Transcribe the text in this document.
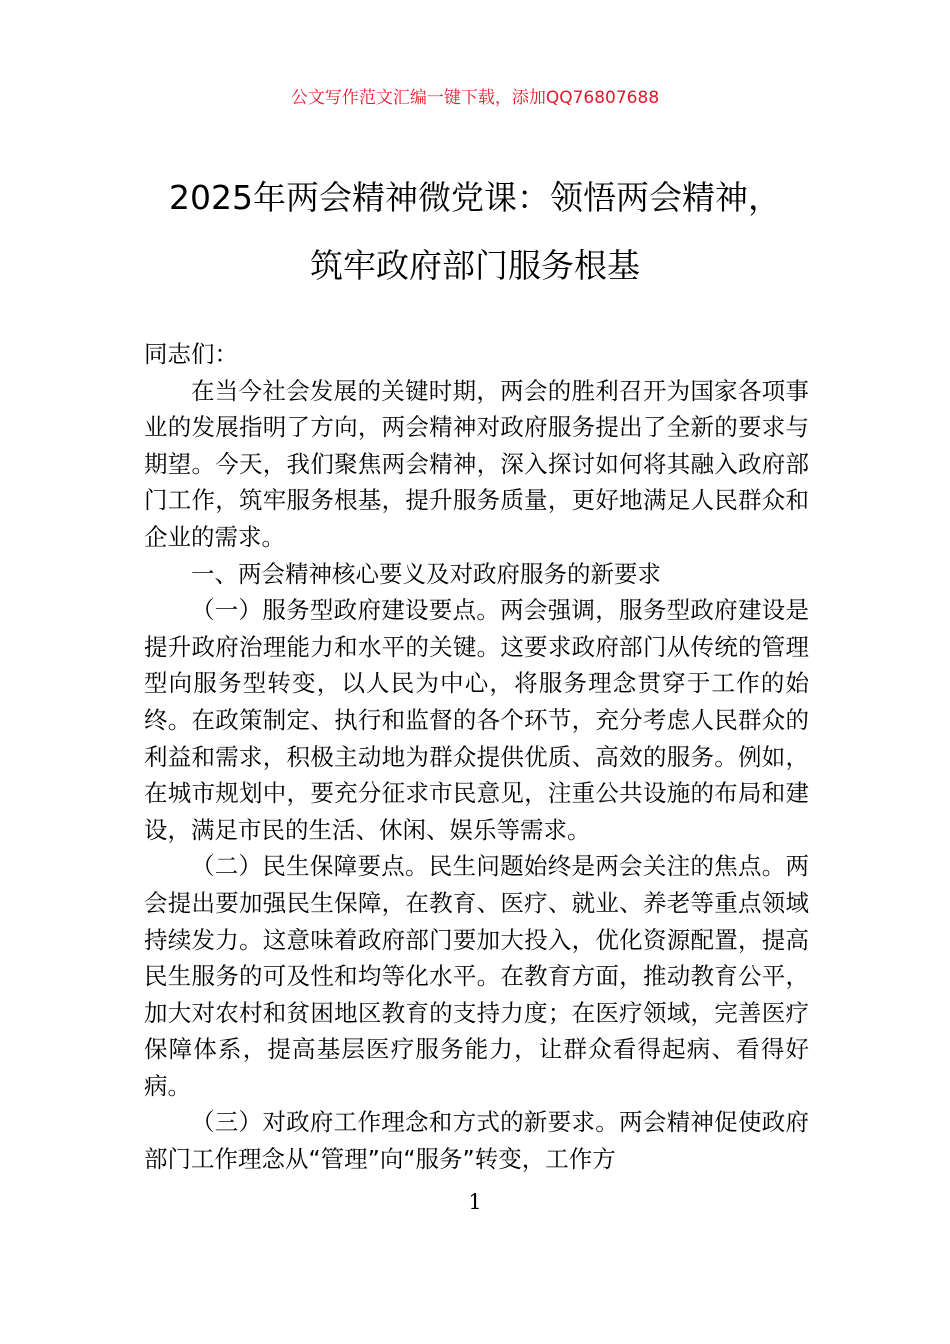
公文写作范文汇编一键下载，添加QQ76807688
2025年两会精神微党课：领悟两会精神，
筑牢政府部门服务根基

同志们：

在当今社会发展的关键时期，两会的胜利召开为国家各项事业的发展指明了方向，两会精神对政府服务提出了全新的要求与期望。今天，我们聚焦两会精神，深入探讨如何将其融入政府部门工作，筑牢服务根基，提升服务质量，更好地满足人民群众和企业的需求。

一、两会精神核心要义及对政府服务的新要求

（一）服务型政府建设要点。两会强调，服务型政府建设是提升政府治理能力和水平的关键。这要求政府部门从传统的管理型向服务型转变，以人民为中心，将服务理念贯穿于工作的始终。在政策制定、执行和监督的各个环节，充分考虑人民群众的利益和需求，积极主动地为群众提供优质、高效的服务。例如，在城市规划中，要充分征求市民意见，注重公共设施的布局和建设，满足市民的生活、休闲、娱乐等需求。

（二）民生保障要点。民生问题始终是两会关注的焦点。两会提出要加强民生保障，在教育、医疗、就业、养老等重点领域持续发力。这意味着政府部门要加大投入，优化资源配置，提高民生服务的可及性和均等化水平。在教育方面，推动教育公平，加大对农村和贫困地区教育的支持力度；在医疗领域，完善医疗保障体系，提高基层医疗服务能力，让群众看得起病、看得好病。

（三）对政府工作理念和方式的新要求。两会精神促使政府部门工作理念从“管理”向“服务”转变，工作方

1
